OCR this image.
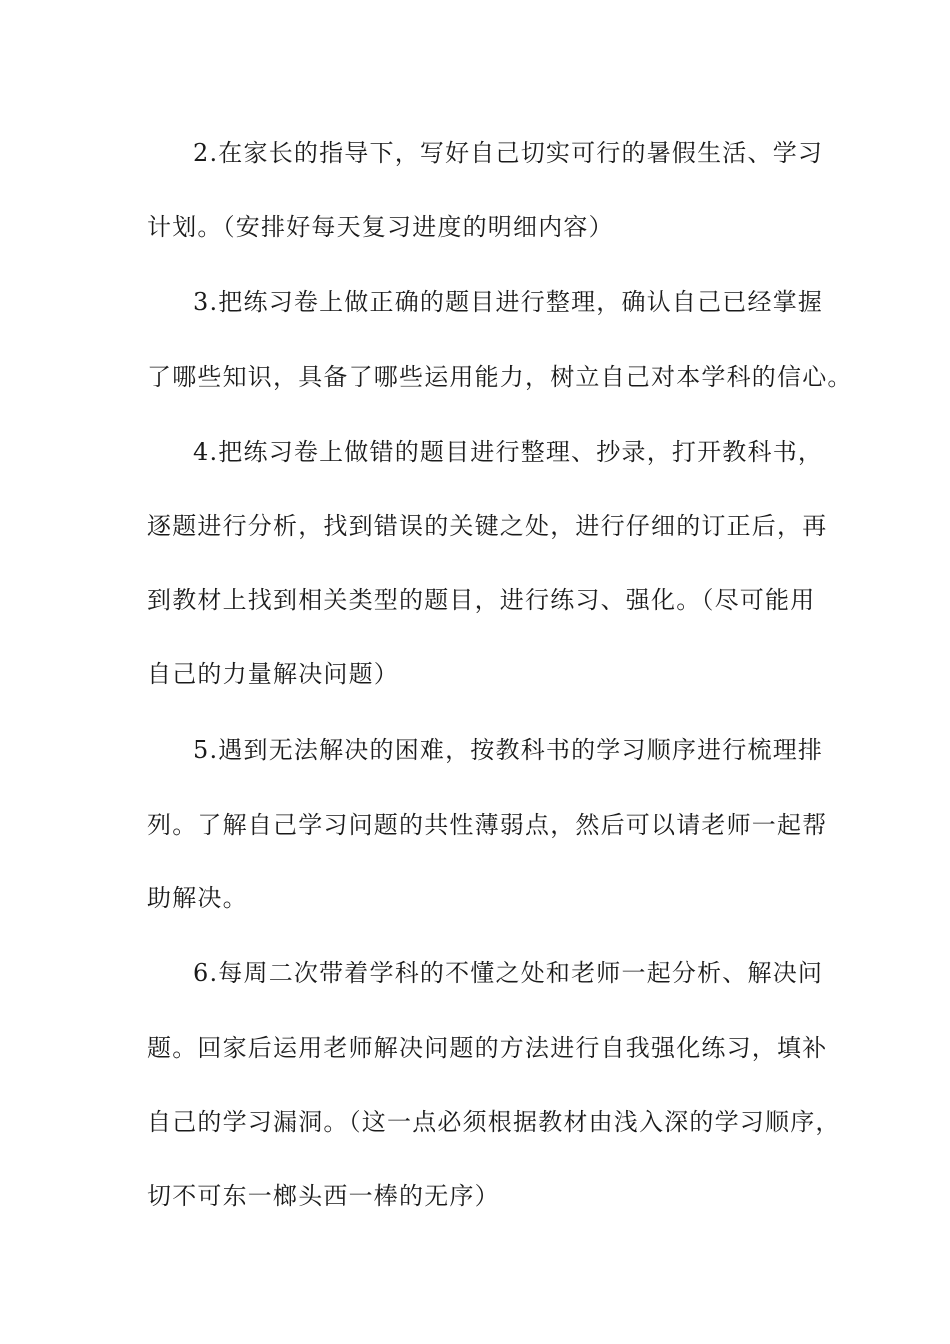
2.在家长的指导下，写好自己切实可行的暑假生活、学习
计划。（安排好每天复习进度的明细内容）
3.把练习卷上做正确的题目进行整理，确认自己已经掌握
了哪些知识，具备了哪些运用能力，树立自己对本学科的信心。
4.把练习卷上做错的题目进行整理、抄录，打开教科书，
逐题进行分析，找到错误的关键之处，进行仔细的订正后，再
到教材上找到相关类型的题目，进行练习、强化。（尽可能用
自己的力量解决问题）
5.遇到无法解决的困难，按教科书的学习顺序进行梳理排
列。了解自己学习问题的共性薄弱点，然后可以请老师一起帮
助解决。
6.每周二次带着学科的不懂之处和老师一起分析、解决问
题。回家后运用老师解决问题的方法进行自我强化练习，填补
自己的学习漏洞。（这一点必须根据教材由浅入深的学习顺序，
切不可东一榔头西一棒的无序）
